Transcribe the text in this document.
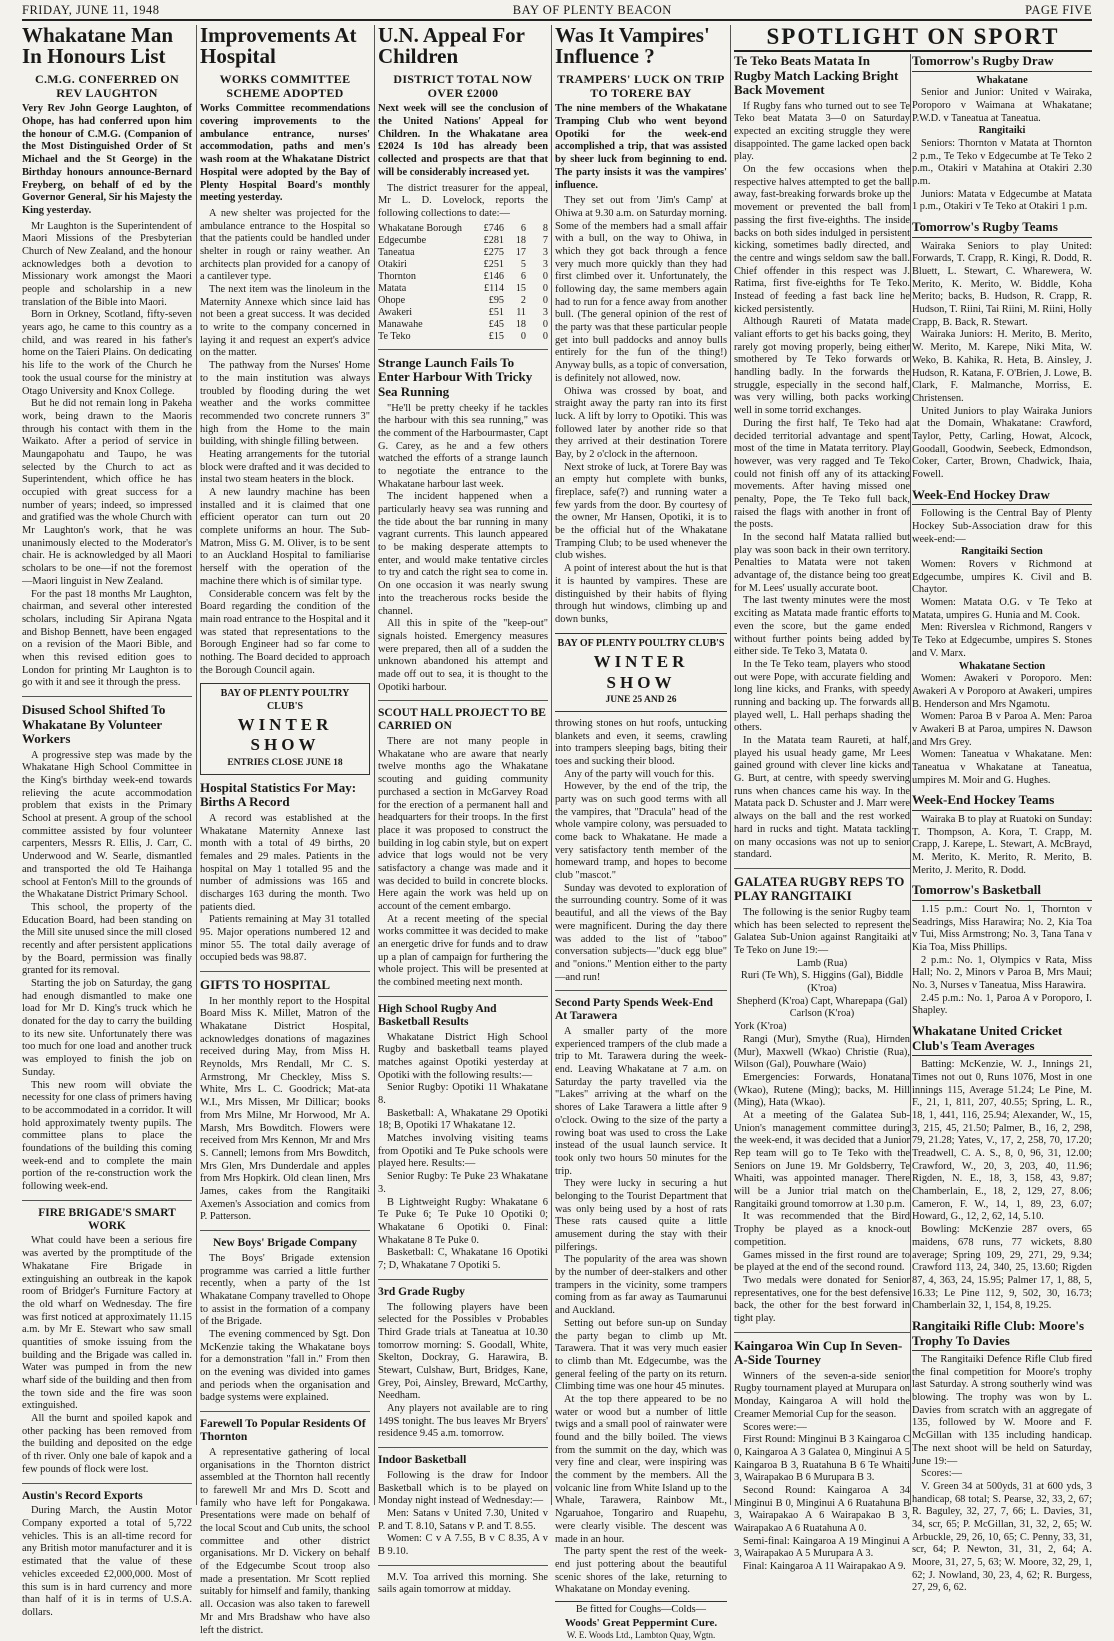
FRIDAY, JUNE 11, 1948	BAY OF PLENTY BEACON	PAGE FIVE
Whakatane Man In Honours List
C.M.G. CONFERRED ON REV LAUGHTON
Very Rev John George Laughton, of Ohope, has had conferred upon him the honour of C.M.G. (Companion of the Most Distinguished Order of St Michael and the St George) in the Birthday honours announce-Bernard Freyberg, on behalf of ed by the Governor General, Sir his Majesty the King yesterday.

Mr Laughton is the Superintendent of Maori Missions of the Presbyterian Church of New Zealand, and the honour acknowledges both a devotion to Missionary work amongst the Maori people and scholarship in a new translation of the Bible into Maori.

Born in Orkney, Scotland, fifty-seven years ago, he came to this country as a child, and was reared in his father's home on the Taieri Plains. On dedicating his life to the work of the Church he took the usual course for the ministry at Otago University and Knox College.

But he did not remain long in Pakeha work, being drawn to the Maoris through his contact with them in the Waikato. After a period of service in Maungapohatu and Taupo, he was selected by the Church to act as Superintendent, which office he has occupied with great success for a number of years; indeed, so impressed and gratified was the whole Church with Mr Laughton's work, that he was unanimously elected to the Moderator's chair. He is acknowledged by all Maori scholars to be one—if not the foremost—Maori linguist in New Zealand.

For the past 18 months Mr Laughton, chairman, and several other interested scholars, including Sir Apirana Ngata and Bishop Bennett, have been engaged on a revision of the Maori Bible, and when this revised edition goes to London for printing Mr Laughton is to go with it and see it through the press.

Disused School Shifted To Whakatane By Volunteer Workers

A progressive step was made by the Whakatane High School Committee in the King's birthday week-end towards relieving the acute accommodation problem that exists in the Primary School at present. A group of the school committee assisted by four volunteer carpenters, Messrs R. Ellis, J. Carr, C. Underwood and W. Searle, dismantled and transported the old Te Haihanga school at Fenton's Mill to the grounds of the Whakatane District Primary School.

This school, the property of the Education Board, had been standing on the Mill site unused since the mill closed recently and after persistent applications by the Board, permission was finally granted for its removal.

Starting the job on Saturday, the gang had enough dismantled to make one load for Mr D. King's truck which he donated for the day to carry the building to its new site. Unfortunately there was too much for one load and another truck was employed to finish the job on Sunday.

This new room will obviate the necessity for one class of primers having to be accommodated in a corridor. It will hold approximately twenty pupils. The committee plans to place the foundations of the building this coming week-end and to complete the main portion of the re-construction work the following week-end.

FIRE BRIGADE'S SMART WORK

What could have been a serious fire was averted by the promptitude of the Whakatane Fire Brigade in extinguishing an outbreak in the kapok room of Bridger's Furniture Factory at the old wharf on Wednesday. The fire was first noticed at approximately 11.15 a.m. by Mr E. Stewart who saw small quantities of smoke issuing from the building and the Brigade was called in. Water was pumped in from the new wharf side of the building and then from the town side and the fire was soon extinguished.

All the burnt and spoiled kapok and other packing has been removed from the building and deposited on the edge of th river. Only one bale of kapok and a few pounds of flock were lost.

Austin's Record Exports

During March, the Austin Motor Company exported a total of 5,722 vehicles. This is an all-time record for any British motor manufacturer and it is estimated that the value of these vehicles exceeded £2,000,000. Most of this sum is in hard currency and more than half of it is in terms of U.S.A. dollars.

Improvements At Hospital
WORKS COMMITTEE SCHEME ADOPTED
Works Committee recommendations covering improvements to the ambulance entrance, nurses' accommodation, paths and men's wash room at the Whakatane District Hospital were adopted by the Bay of Plenty Hospital Board's monthly meeting yesterday.

A new shelter was projected for the ambulance entrance to the Hospital so that the patients could be handled under shelter in rough or rainy weather. An architects plan provided for a canopy of a cantilever type.

The next item was the linoleum in the Maternity Annexe which since laid has not been a great success. It was decided to write to the company concerned in laying it and request an expert's advice on the matter.

The pathway from the Nurses' Home to the main institution was always troubled by flooding during the wet weather and the works committee recommended two concrete runners 3" high from the Home to the main building, with shingle filling between.

Heating arrangements for the tutorial block were drafted and it was decided to instal two steam heaters in the block.

A new laundry machine has been installed and it is claimed that one efficient operator can turn out 20 complete uniforms an hour. The Sub-Matron, Miss G. M. Oliver, is to be sent to an Auckland Hospital to familiarise herself with the operation of the machine there which is of similar type.

Considerable concern was felt by the Board regarding the condition of the main road entrance to the Hospital and it was stated that representations to the Borough Engineer had so far come to nothing. The Board decided to approach the Borough Council again.

BAY OF PLENTY POULTRY CLUB'S
WINTER SHOW
ENTRIES CLOSE JUNE 18
Hospital Statistics For May: Births A Record

A record was established at the Whakatane Maternity Annexe last month with a total of 49 births, 20 females and 29 males. Patients in the hospital on May 1 totalled 95 and the number of admissions was 165 and discharges 163 during the month. Two patients died.

Patients remaining at May 31 totalled 95. Major operations numbered 12 and minor 55. The total daily average of occupied beds was 98.87.

GIFTS TO HOSPITAL

In her monthly report to the Hospital Board Miss K. Millet, Matron of the Whakatane District Hospital, acknowledges donations of magazines received during May, from Miss H. Reynolds, Mrs Rendall, Mr C. S. Armstrong, Mr Checkley, Miss S. White, Mrs L. C. Goodrick; Mat-ata W.I., Mrs Missen, Mr Dillicar; books from Mrs Milne, Mr Horwood, Mr A. Marsh, Mrs Bowditch. Flowers were received from Mrs Kennon, Mr and Mrs S. Cannell; lemons from Mrs Bowditch, Mrs Glen, Mrs Dunderdale and apples from Mrs Hopkirk. Old clean linen, Mrs James, cakes from the Rangitaiki Axemen's Association and comics from P. Patterson.

New Boys' Brigade Company

The Boys' Brigade extension programme was carried a little further recently, when a party of the 1st Whakatane Company travelled to Ohope to assist in the formation of a company of the Brigade.

The evening commenced by Sgt. Don McKenzie taking the Whakatane boys for a demonstration "fall in." From then on the evening was divided into games and periods when the organisation and badge systems were explained.

Farewell To Popular Residents Of Thornton

A representative gathering of local organisations in the Thornton district assembled at the Thornton hall recently to farewell Mr and Mrs D. Scott and family who have left for Pongakawa. Presentations were made on behalf of the local Scout and Cub units, the school committee and other district organisations. Mr D. Vickery on behalf of the Edgecumbe Scout troop also made a presentation. Mr Scott replied suitably for himself and family, thanking all. Occasion was also taken to farewell Mr and Mrs Bradshaw who have also left the district.

U.N. Appeal For Children
DISTRICT TOTAL NOW OVER £2000
Next week will see the conclusion of the United Nations' Appeal for Children. In the Whakatane area £2024 Is 10d has already been collected and prospects are that that will be considerably increased yet.

The district treasurer for the appeal, Mr L. D. Lovelock, reports the following collections to date:—

Whakatane Borough	£746	6	8
Edgecumbe	£281	18	7
Taneatua	£275	17	3
Otakiri	£251	5	3
Thornton	£146	6	0
Matata	£114	15	0
Ohope	£95	2	0
Awakeri	£51	11	3
Manawahe	£45	18	0
Te Teko	£15	0	0
Strange Launch Fails To Enter Harbour With Tricky Sea Running

"He'll be pretty cheeky if he tackles the harbour with this sea running," was the comment of the Harbourmaster, Capt G. Carey, as he and a few others watched the efforts of a strange launch to negotiate the entrance to the Whakatane harbour last week.

The incident happened when a particularly heavy sea was running and the tide about the bar running in many vagrant currents. This launch appeared to be making desperate attempts to enter, and would make tentative circles to try and catch the right sea to come in. On one occasion it was nearly swung into the treacherous rocks beside the channel.

All this in spite of the "keep-out" signals hoisted. Emergency measures were prepared, then all of a sudden the unknown abandoned his attempt and made off out to sea, it is thought to the Opotiki harbour.

SCOUT HALL PROJECT TO BE CARRIED ON

There are not many people in Whakatane who are aware that nearly twelve months ago the Whakatane scouting and guiding community purchased a section in McGarvey Road for the erection of a permanent hall and headquarters for their troops. In the first place it was proposed to construct the building in log cabin style, but on expert advice that logs would not be very satisfactory a change was made and it was decided to build in concrete blocks. Here again the work was held up on account of the cement embargo.

At a recent meeting of the special works committee it was decided to make an energetic drive for funds and to draw up a plan of campaign for furthering the whole project. This will be presented at the combined meeting next month.

High School Rugby And Basketball Results

Whakatane District High School Rugby and basketball teams played matches against Opotiki yesterday at Opotiki with the following results:—

Senior Rugby: Opotiki 11 Whakatane 8.

Basketball: A, Whakatane 29 Opotiki 18; B, Opotiki 17 Whakatane 12.

Matches involving visiting teams from Opotiki and Te Puke schools were played here. Results:—

Senior Rugby: Te Puke 23 Whakatane 3.

B Lightweight Rugby: Whakatane 6 Te Puke 6; Te Puke 10 Opotiki 0; Whakatane 6 Opotiki 0. Final: Whakatane 8 Te Puke 0.

Basketball: C, Whakatane 16 Opotiki 7; D, Whakatane 7 Opotiki 5.

3rd Grade Rugby

The following players have been selected for the Possibles v Probables Third Grade trials at Taneatua at 10.30 tomorrow morning: S. Goodall, White, Skelton, Dockray, G. Harawira, B. Stewart, Culshaw, Burt, Bridges, Kane, Grey, Poi, Ainsley, Breward, McCarthy, Needham.

Any players not available are to ring 149S tonight. The bus leaves Mr Bryers' residence 9.45 a.m. tomorrow.

Indoor Basketball

Following is the draw for Indoor Basketball which is to be played on Monday night instead of Wednesday:—

Men: Satans v United 7.30, United v P. and T. 8.10, Satans v P. and T. 8.55.

Women: C v A 7.55, B v C 8.35, A v B 9.10.

M.V. Toa arrived this morning. She sails again tomorrow at midday.

Was It Vampires' Influence ?
TRAMPERS' LUCK ON TRIP TO TORERE BAY
The nine members of the Whakatane Tramping Club who went beyond Opotiki for the week-end accomplished a trip, that was assisted by sheer luck from beginning to end. The party insists it was the vampires' influence.

They set out from 'Jim's Camp' at Ohiwa at 9.30 a.m. on Saturday morning. Some of the members had a small affair with a bull, on the way to Ohiwa, in which they got back through a fence very much more quickly than they had first climbed over it. Unfortunately, the following day, the same members again had to run for a fence away from another bull. (The general opinion of the rest of the party was that these particular people get into bull paddocks and annoy bulls entirely for the fun of the thing!) Anyway bulls, as a topic of conversation, is definitely not allowed, now.

Ohiwa was crossed by boat, and straight away the party ran into its first luck. A lift by lorry to Opotiki. This was followed later by another ride so that they arrived at their destination Torere Bay, by 2 o'clock in the afternoon.

Next stroke of luck, at Torere Bay was an empty hut complete with bunks, fireplace, safe(?) and running water a few yards from the door. By courtesy of the owner, Mr Hansen, Opotiki, it is to be the official hut of the Whakatane Tramping Club; to be used whenever the club wishes.

A point of interest about the hut is that it is haunted by vampires. These are distinguished by their habits of flying through hut windows, climbing up and down bunks,

BAY OF PLENTY POULTRY CLUB'S
WINTER SHOW
JUNE 25 AND 26

throwing stones on hut roofs, untucking blankets and even, it seems, crawling into trampers sleeping bags, biting their toes and sucking their blood.

Any of the party will vouch for this.

However, by the end of the trip, the party was on such good terms with all the vampires, that "Dracula" head of the whole vampire colony, was persuaded to come back to Whakatane. He made a very satisfactory tenth member of the homeward tramp, and hopes to become club "mascot."

Sunday was devoted to exploration of the surrounding country. Some of it was beautiful, and all the views of the Bay were magnificent. During the day there was added to the list of "taboo" conversation subjects—"duck egg blue" and "onions." Mention either to the party—and run!

Second Party Spends Week-End At Tarawera

A smaller party of the more experienced trampers of the club made a trip to Mt. Tarawera during the week-end. Leaving Whakatane at 7 a.m. on Saturday the party travelled via the "Lakes" arriving at the wharf on the shores of Lake Tarawera a little after 9 o'clock. Owing to the size of the party a rowing boat was used to cross the Lake instead of the usual launch service. It took only two hours 50 minutes for the trip.

They were lucky in securing a hut belonging to the Tourist Department that was only being used by a host of rats These rats caused quite a little amusement during the stay with their pilferings.

The popularity of the area was shown by the number of deer-stalkers and other trampers in the vicinity, some trampers coming from as far away as Taumarunui and Auckland.

Setting out before sun-up on Sunday the party began to climb up Mt. Tarawera. That it was very much easier to climb than Mt. Edgecumbe, was the general feeling of the party on its return. Climbing time was one hour 45 minutes.

At the top there appeared to be no water or wood but a number of little twigs and a small pool of rainwater were found and the billy boiled. The views from the summit on the day, which was very fine and clear, were inspiring was the comment by the members. All the volcanic line from White Island up to the Whale, Tarawera, Rainbow Mt., Ngaruahoe, Tongariro and Ruapehu, were clearly visible. The descent was made in an hour.

The party spent the rest of the week-end just pottering about the beautiful scenic shores of the lake, returning to Whakatane on Monday evening.

Be fitted for Coughs—Colds—
Woods' Great Peppermint Cure.
W. E. Woods Ltd., Lambton Quay, Wgtn.
SPOTLIGHT ON SPORT
Te Teko Beats Matata In Rugby Match Lacking Bright Back Movement

If Rugby fans who turned out to see Te Teko beat Matata 3—0 on Saturday expected an exciting struggle they were disappointed. The game lacked open back play.

On the few occasions when the respective halves attempted to get the ball away, fast-breaking forwards broke up the movement or prevented the ball from passing the first five-eighths. The inside backs on both sides indulged in persistent kicking, sometimes badly directed, and the centre and wings seldom saw the ball. Chief offender in this respect was J. Ratima, first five-eighths for Te Teko. Instead of feeding a fast back line he kicked persistently.

Although Raureti of Matata made valiant efforts to get his backs going, they rarely got moving properly, being either smothered by Te Teko forwards or handling badly. In the forwards the struggle, especially in the second half, was very willing, both packs working well in some torrid exchanges.

During the first half, Te Teko had a decided territorial advantage and spent most of the time in Matata territory. Play however, was very ragged and Te Teko could not finish off any of its attacking movements. After having missed one penalty, Pope, the Te Teko full back, raised the flags with another in front of the posts.

In the second half Matata rallied but play was soon back in their own territory. Penalties to Matata were not taken advantage of, the distance being too great for M. Lees' usually accurate boot.

The last twenty minutes were the most exciting as Matata made frantic efforts to even the score, but the game ended without further points being added by either side. Te Teko 3, Matata 0.

In the Te Teko team, players who stood out were Pope, with accurate fielding and long line kicks, and Franks, with speedy running and backing up. The forwards all played well, L. Hall perhaps shading the others.

In the Matata team Raureti, at half, played his usual heady game, Mr Lees gained ground with clever line kicks and G. Burt, at centre, with speedy swerving runs when chances came his way. In the Matata pack D. Schuster and J. Marr were always on the ball and the rest worked hard in rucks and tight. Matata tackling on many occasions was not up to senior standard.

GALATEA RUGBY REPS TO PLAY RANGITAIKI

The following is the senior Rugby team which has been selected to represent the Galatea Sub-Union against Rangitaiki at Te Teko on June 19:—

Lamb (Rua)
Ruri (Te Wh), S. Higgins (Gal), Biddle (K'roa)
Shepherd (K'roa) Capt, Wharepapa (Gal)
Carlson (K'roa)
York (K'roa)

Rangi (Mur), Smythe (Rua), Hirnden (Mur), Maxwell (Wkao) Christie (Rua), Wilson (Gal), Pouwhare (Waio)

Emergencies: Forwards, Honatana (Wkao), Rutene (Ming); backs, M. Hill (Ming), Hata (Wkao).

At a meeting of the Galatea Sub-Union's management committee during the week-end, it was decided that a Junior Rep team will go to Te Teko with the Seniors on June 19. Mr Goldsberry, Te Whaiti, was appointed manager. There will be a Junior trial match on the Rangitaiki ground tomorrow at 1.30 p.m.

It was recommended that the Bird Trophy be played as a knock-out competition.

Games missed in the first round are to be played at the end of the second round.

Two medals were donated for Senior representatives, one for the best defensive back, the other for the best forward in tight play.

Kaingaroa Win Cup In Seven-A-Side Tourney

Winners of the seven-a-side senior Rugby tournament played at Murupara on Monday, Kaingaroa A will hold the Creamer Memorial Cup for the season.

Scores were:—

First Round: Minginui B 3 Kaingaroa C 0, Kaingaroa A 3 Galatea 0, Minginui A 5 Kaingaroa B 3, Ruatahuna B 6 Te Whaiti 3, Wairapakao B 6 Murupara B 3.

Second Round: Kaingaroa A 34 Minginui B 0, Minginui A 6 Ruatahuna B 3, Wairapakao A 6 Wairapakao B 3, Wairapakao A 6 Ruatahuna A 0.

Semi-final: Kaingaroa A 19 Minginui A 3, Wairapakao A 5 Murupara A 3.

Final: Kaingaroa A 11 Wairapakao A 9.

Tomorrow's Rugby Draw
Whakatane

Senior and Junior: United v Wairaka, Poroporo v Waimana at Whakatane; P.W.D. v Taneatua at Taneatua.

Rangitaiki

Seniors: Thornton v Matata at Thornton 2 p.m., Te Teko v Edgecumbe at Te Teko 2 p.m., Otakiri v Matahina at Otakiri 2.30 p.m.

Juniors: Matata v Edgecumbe at Matata 1 p.m., Otakiri v Te Teko at Otakiri 1 p.m.

Tomorrow's Rugby Teams

Wairaka Seniors to play United: Forwards, T. Crapp, R. Kingi, R. Dodd, R. Bluett, L. Stewart, C. Wharewera, W. Merito, K. Merito, W. Biddle, Koha Merito; backs, B. Hudson, R. Crapp, R. Hudson, T. Riini, Tai Riini, M. Riini, Holly Crapp, B. Back, R. Stewart.

Wairaka Juniors: H. Merito, B. Merito, W. Merito, M. Karepe, Niki Mita, W. Weko, B. Kahika, R. Heta, B. Ainsley, J. Hudson, R. Katana, F. O'Brien, J. Lowe, B. Clark, F. Malmanche, Morriss, E. Christensen.

United Juniors to play Wairaka Juniors at the Domain, Whakatane: Crawford, Taylor, Petty, Carling, Howat, Alcock, Goodall, Goodwin, Seebeck, Edmondson, Coker, Carter, Brown, Chadwick, Ihaia, Fowell.

Week-End Hockey Draw

Following is the Central Bay of Plenty Hockey Sub-Association draw for this week-end:—

Rangitaiki Section

Women: Rovers v Richmond at Edgecumbe, umpires K. Civil and B. Chaytor.

Women: Matata O.G. v Te Teko at Matata, umpires G. Hunia and M. Cook.

Men: Riverslea v Richmond, Rangers v Te Teko at Edgecumbe, umpires S. Stones and V. Marx.

Whakatane Section

Women: Awakeri v Poroporo. Men: Awakeri A v Poroporo at Awakeri, umpires B. Henderson and Mrs Ngamotu.

Women: Paroa B v Paroa A. Men: Paroa v Awakeri B at Paroa, umpires N. Dawson and Mrs Grey.

Women: Taneatua v Whakatane. Men: Taneatua v Whakatane at Taneatua, umpires M. Moir and G. Hughes.

Week-End Hockey Teams

Wairaka B to play at Ruatoki on Sunday: T. Thompson, A. Kora, T. Crapp, M. Crapp, J. Karepe, L. Stewart, A. McBrayd, M. Merito, K. Merito, R. Merito, B. Merito, J. Merito, R. Dodd.

Tomorrow's Basketball

1.15 p.m.: Court No. 1, Thornton v Seadrings, Miss Harawira; No. 2, Kia Toa v Tui, Miss Armstrong; No. 3, Tana Tana v Kia Toa, Miss Phillips.

2 p.m.: No. 1, Olympics v Rata, Miss Hall; No. 2, Minors v Paroa B, Mrs Maui; No. 3, Nurses v Taneatua, Miss Harawira.

2.45 p.m.: No. 1, Paroa A v Poroporo, I. Shapley.

Whakatane United Cricket Club's Team Averages

Batting: McKenzie, W. J., Innings 21, Times not out 0, Runs 1076, Most in one innings 115, Average 51.24; Le Pine, M. F., 21, 1, 811, 207, 40.55; Spring, L. R., 18, 1, 441, 116, 25.94; Alexander, W., 15, 3, 215, 45, 21.50; Palmer, B., 16, 2, 298, 79, 21.28; Yates, V., 17, 2, 258, 70, 17.20; Treadwell, C. A. S., 8, 0, 96, 31, 12.00; Crawford, W., 20, 3, 203, 40, 11.96; Rigden, N. E., 18, 3, 158, 43, 9.87; Chamberlain, E., 18, 2, 129, 27, 8.06; Cameron, F. W., 14, 1, 89, 23, 6.07; Howard, G., 12, 2, 62, 14, 5.10.

Bowling: McKenzie 287 overs, 65 maidens, 678 runs, 77 wickets, 8.80 average; Spring 109, 29, 271, 29, 9.34; Crawford 113, 24, 340, 25, 13.60; Rigden 87, 4, 363, 24, 15.95; Palmer 17, 1, 88, 5, 16.33; Le Pine 112, 9, 502, 30, 16.73; Chamberlain 32, 1, 154, 8, 19.25.

Rangitaiki Rifle Club: Moore's Trophy To Davies

The Rangitaiki Defence Rifle Club fired the final competition for Moore's trophy last Saturday. A strong southerly wind was blowing. The trophy was won by L. Davies from scratch with an aggregate of 135, followed by W. Moore and F. McGillan with 135 including handicap. The next shoot will be held on Saturday, June 19:—

Scores:—

V. Green 34 at 500yds, 31 at 600 yds, 3 handicap, 68 total; S. Pearse, 32, 33, 2, 67; R. Baguley, 32, 27, 7, 66; L. Davies, 31, 34, scr, 65; P. McGillan, 31, 32, 2, 65; W. Arbuckle, 29, 26, 10, 65; C. Penny, 33, 31, scr, 64; P. Newton, 31, 31, 2, 64; A. Moore, 31, 27, 5, 63; W. Moore, 32, 29, 1, 62; J. Nowland, 30, 23, 4, 62; R. Burgess, 27, 29, 6, 62.
